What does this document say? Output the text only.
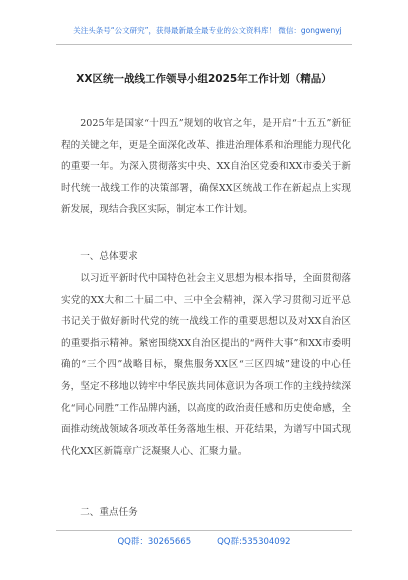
关注头条号“公文研究”，获得最新最全最专业的公文资料库！ 微信：gongwenyj
XX区统一战线工作领导小组2025年工作计划（精品）
2025年是国家“十四五”规划的收官之年，是开启“十五五”新征程的关键之年，更是全面深化改革、推进治理体系和治理能力现代化的重要一年。为深入贯彻落实中央、XX自治区党委和XX市委关于新时代统一战线工作的决策部署，确保XX区统战工作在新起点上实现新发展，现结合我区实际，制定本工作计划。
一、总体要求
以习近平新时代中国特色社会主义思想为根本指导，全面贯彻落实党的XX大和二十届二中、三中全会精神，深入学习贯彻习近平总书记关于做好新时代党的统一战线工作的重要思想以及对XX自治区的重要指示精神。紧密围绕XX自治区提出的“两件大事”和XX市委明确的“三个四”战略目标，聚焦服务XX区“三区四城”建设的中心任务，坚定不移地以铸牢中华民族共同体意识为各项工作的主线持续深化“同心同胜”工作品牌内涵，以高度的政治责任感和历史使命感，全面推动统战领域各项改革任务落地生根、开花结果，为谱写中国式现代化XX区新篇章广泛凝聚人心、汇聚力量。
二、重点任务
QQ群：30265665	QQ群:535304092
